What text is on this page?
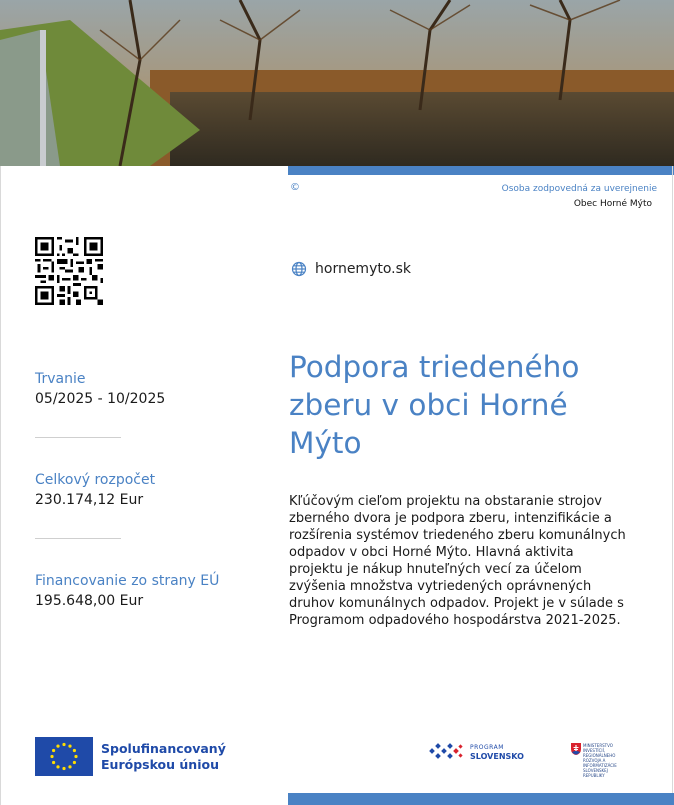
©	Osoba zodpovedná za uverejnenie
Obec Horné Mýto
hornemyto.sk
Podpora triedeného zberu v obci Horné Mýto
Kľúčovým cieľom projektu na obstaranie strojov zberného dvora je podpora zberu, intenzifikácie a rozšírenia systémov triedeného zberu komunálnych odpadov v obci Horné Mýto. Hlavná aktivita projektu je nákup hnuteľných vecí za účelom zvýšenia množstva vytriedených oprávnených druhov komunálnych odpadov. Projekt je v súlade s Programom odpadového hospodárstva 2021-2025.
Trvanie
05/2025 - 10/2025
Celkový rozpočet
230.174,12 Eur
Financovanie zo strany EÚ
195.648,00 Eur
Spolufinancovaný
Európskou úniou
PROGRAM
SLOVENSKO
MINISTERSTVO INVESTÍCIÍ, REGIONÁLNEHO ROZVOJA A INFORMATIZÁCIE SLOVENSKEJ REPUBLIKY
